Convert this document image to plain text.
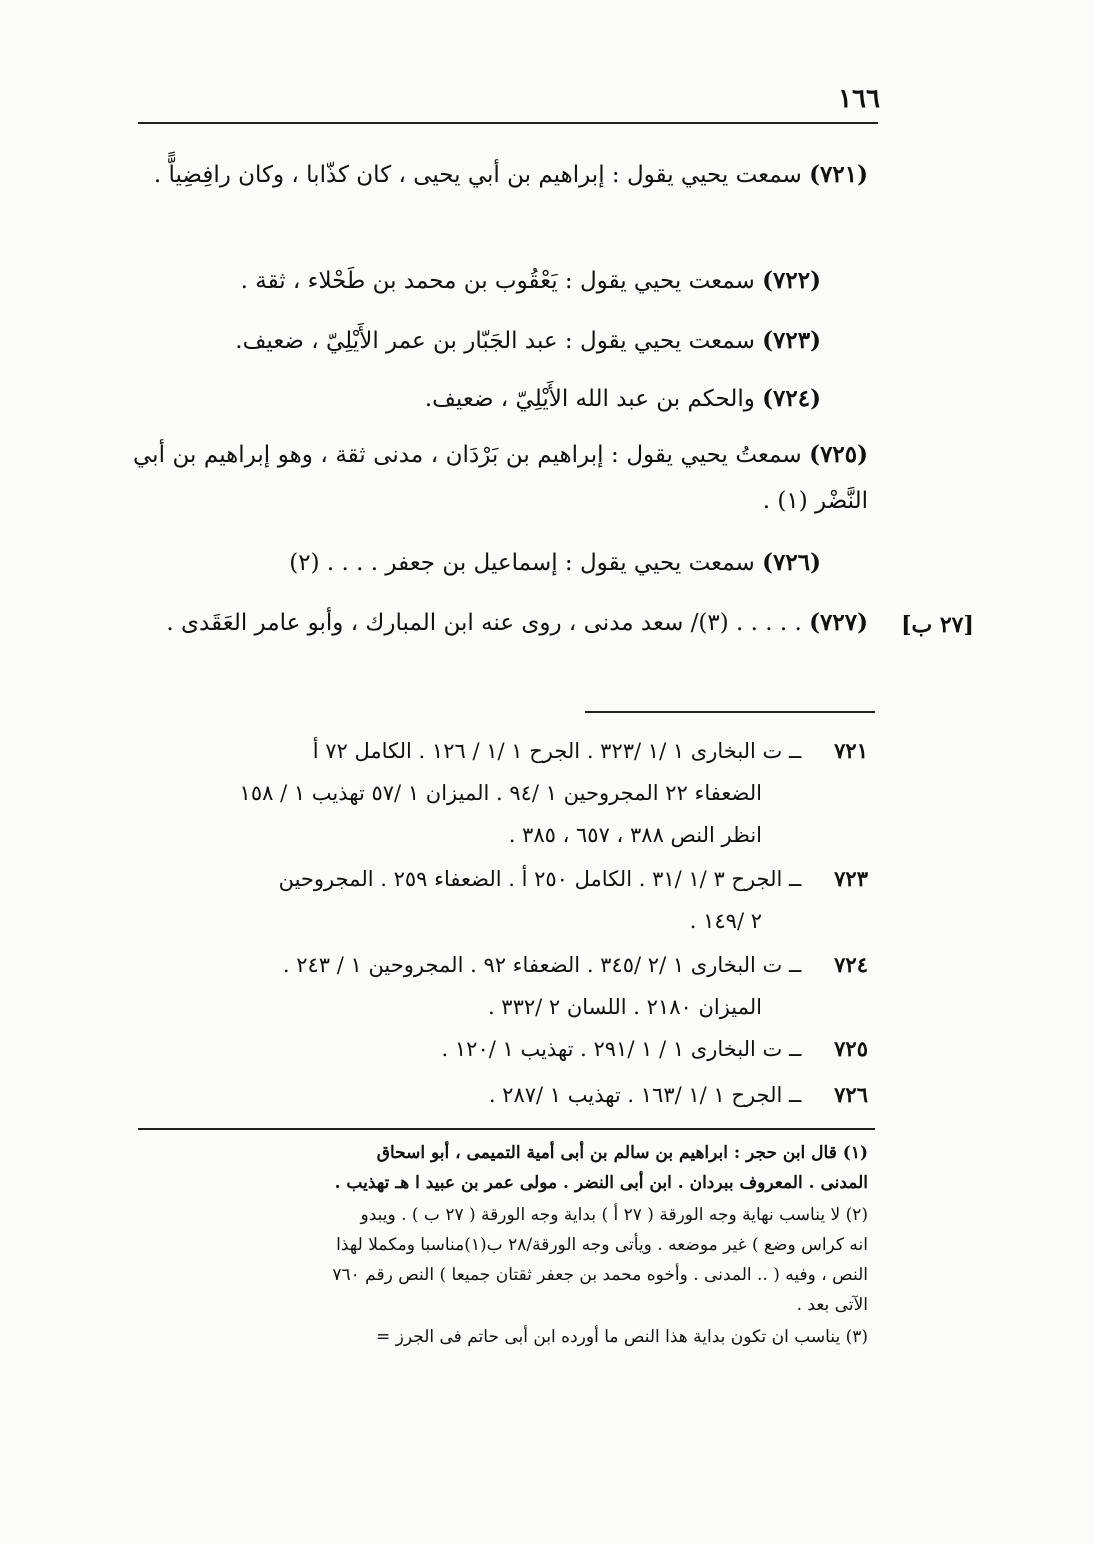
١٦٦
(٧٢١) سمعت يحيي يقول : إبراهيم بن أبي يحيى ، كان كذّابا ، وكان رافِضِياًّ .
(٧٢٢) سمعت يحيي يقول : يَعْقُوب بن محمد بن طَحْلاء ، ثقة .
(٧٢٣) سمعت يحيي يقول : عبد الجَبّار بن عمر الأَيْلِيّ ، ضعيف.
(٧٢٤) والحكم بن عبد الله الأَيْلِيّ ، ضعيف.
(٧٢٥) سمعتُ يحيي يقول : إبراهيم بن بَرْدَان ، مدنى ثقة ، وهو إبراهيم بن أبي النَّضْر (١) .
(٧٢٦) سمعت يحيي يقول : إسماعيل بن جعفر . . . . (٢)
(٧٢٧) . . . . . (٣)/ سعد مدنى ، روى عنه ابن المبارك ، وأبو عامر العَقَدى .	[٢٧ ب]
٧٢١ ــ ت البخارى ١ /١ /٣٢٣ . الجرح ١ /١ / ١٢٦ . الكامل ٧٢ أ
الضعفاء ٢٢ المجروحين ١ /٩٤ . الميزان ١ /٥٧ تهذيب ١ / ١٥٨
انظر النص ٣٨٨ ، ٦٥٧ ، ٣٨٥ .
٧٢٣ ــ الجرح ٣ /١ /٣١ . الكامل ٢٥٠ أ . الضعفاء ٢٥٩ . المجروحين
٢ /١٤٩ .
٧٢٤ ــ ت البخارى ١ /٢ /٣٤٥ . الضعفاء ٩٢ . المجروحين ١ / ٢٤٣ .
الميزان ٢١٨٠ . اللسان ٢ /٣٣٢ .
٧٢٥ ــ ت البخارى ١ / ١ /٢٩١ . تهذيب ١ /١٢٠ .
٧٢٦ ــ الجرح ١ /١ /١٦٣ . تهذيب ١ /٢٨٧ .
(١) قال ابن حجر : ابراهيم بن سالم بن أبى أمية التميمى ، أبو اسحاق
المدنى . المعروف ببردان . ابن أبى النضر . مولى عمر بن عبيد ا هـ تهذيب .
(٢) لا يناسب نهاية وجه الورقة ( ٢٧ أ ) بداية وجه الورقة ( ٢٧ ب ) . ويبدو
انه كراس وضع ) غير موضعه . ويأتى وجه الورقة/٢٨ ب(١)مناسبا ومكملا لهذا
النص ، وفيه ( .. المدنى . وأخوه محمد بن جعفر ثقتان جميعا ) النص رقم ٧٦٠
الآتى بعد .
(٣) يناسب ان تكون بداية هذا النص ما أورده ابن أبى حاتم فى الجرز =
